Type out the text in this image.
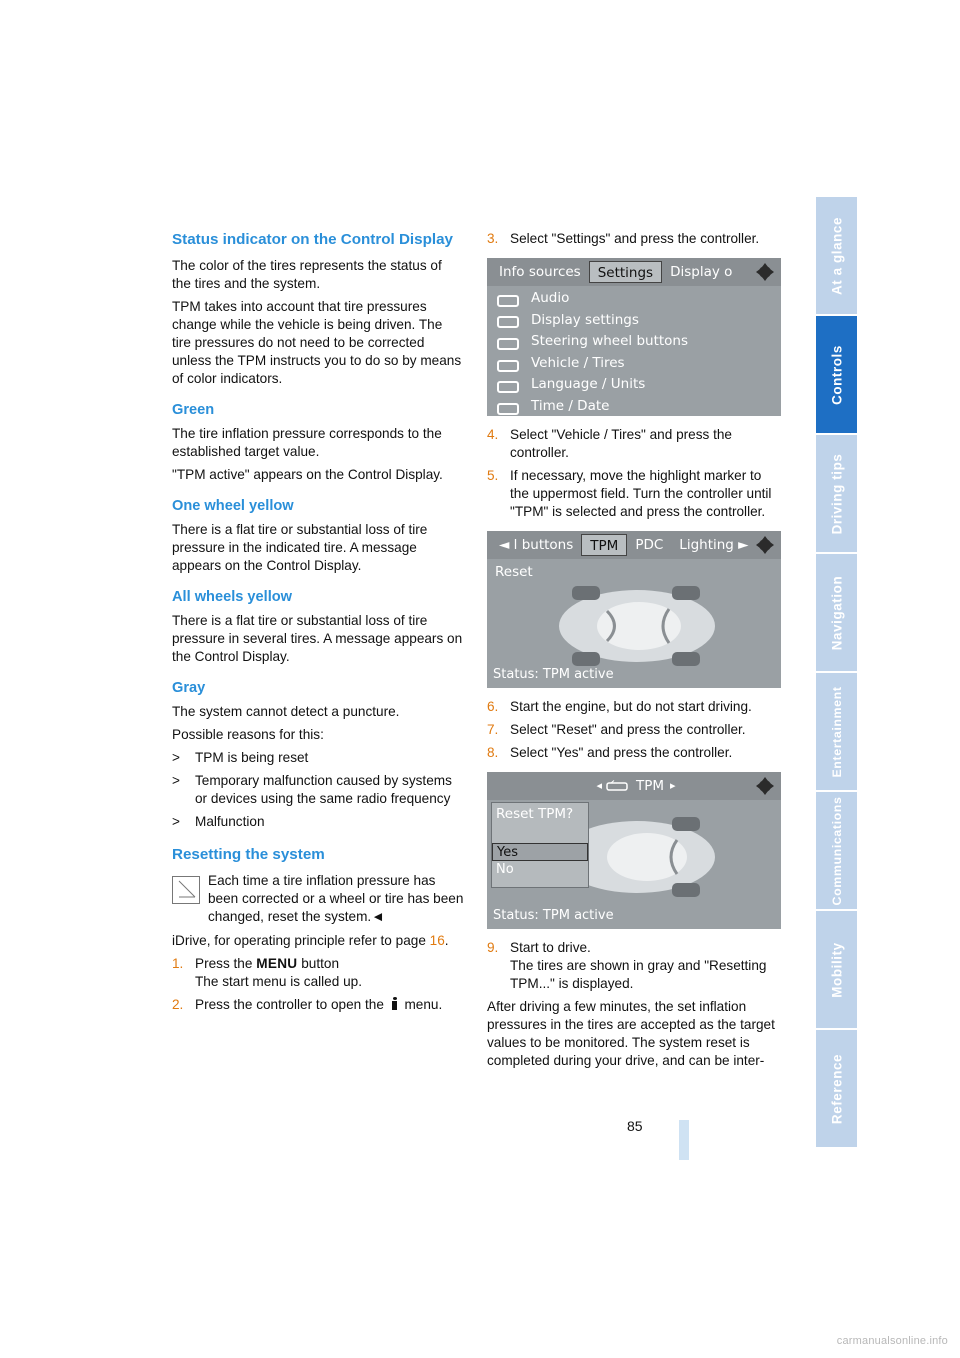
Status indicator on the Control Display

The color of the tires represents the status of the tires and the system.

TPM takes into account that tire pressures change while the vehicle is being driven. The tire pressures do not need to be corrected unless the TPM instructs you to do so by means of color indicators.

Green

The tire inflation pressure corresponds to the established target value.

"TPM active" appears on the Control Display.

One wheel yellow

There is a flat tire or substantial loss of tire pressure in the indicated tire. A message appears on the Control Display.

All wheels yellow

There is a flat tire or substantial loss of tire pressure in several tires. A message appears on the Control Display.

Gray

The system cannot detect a puncture.

Possible reasons for this:

> TPM is being reset
> Temporary malfunction caused by systems or devices using the same radio frequency
> Malfunction
Resetting the system
Each time a tire inflation pressure has been corrected or a wheel or tire has been changed, reset the system.◄

iDrive, for operating principle refer to page 16.

1. Press the MENU button
The start menu is called up.
2. Press the controller to open the  menu.
3. Select "Settings" and press the controller.
Info sources	Settings	Display o
Audio
Display settings
Steering wheel buttons
Vehicle / Tires
Language / Units
Time / Date
4. Select "Vehicle / Tires" and press the controller.
5. If necessary, move the highlight marker to the uppermost field. Turn the controller until "TPM" is selected and press the controller.
◄ l buttons	TPM	PDC	Lighting ►
Reset
Status: TPM active
6. Start the engine, but do not start driving.
7. Select "Reset" and press the controller.
8. Select "Yes" and press the controller.
◂	TPM ▸
Reset TPM?
Yes
No
Status: TPM active
9. Start to drive.
The tires are shown in gray and "Resetting TPM..." is displayed.

After driving a few minutes, the set inflation pressures in the tires are accepted as the target values to be monitored. The system reset is completed during your drive, and can be inter-

85
At a glance
Controls
Driving tips
Navigation
Entertainment
Communications
Mobility
Reference
carmanualsonline.info
